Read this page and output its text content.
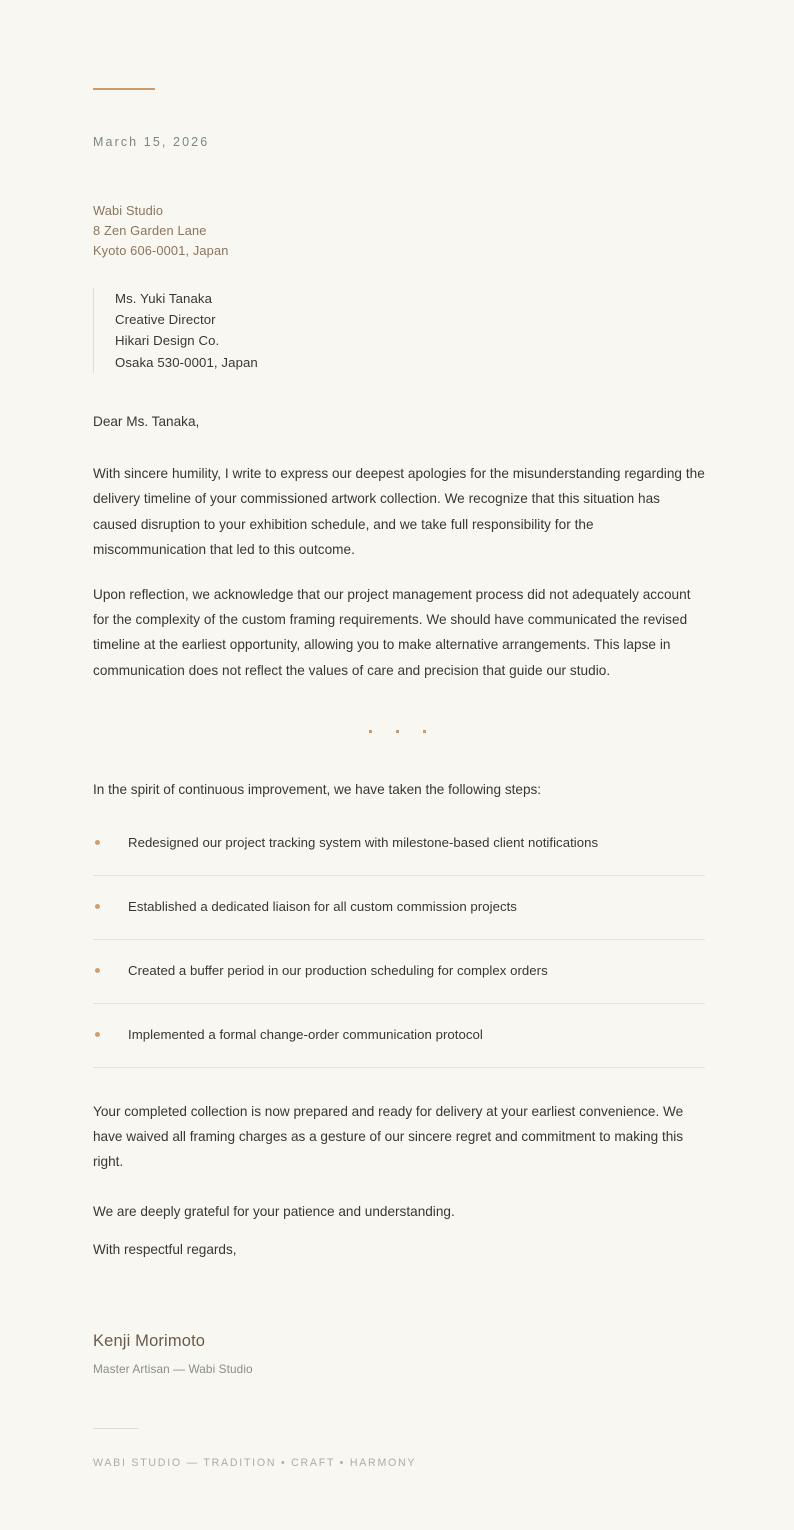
March 15, 2026
Wabi Studio
8 Zen Garden Lane
Kyoto 606-0001, Japan
Ms. Yuki Tanaka
Creative Director
Hikari Design Co.
Osaka 530-0001, Japan
Dear Ms. Tanaka,

With sincere humility, I write to express our deepest apologies for the misunderstanding regarding the delivery timeline of your commissioned artwork collection. We recognize that this situation has caused disruption to your exhibition schedule, and we take full responsibility for the miscommunication that led to this outcome.

Upon reflection, we acknowledge that our project management process did not adequately account for the complexity of the custom framing requirements. We should have communicated the revised timeline at the earliest opportunity, allowing you to make alternative arrangements. This lapse in communication does not reflect the values of care and precision that guide our studio.

In the spirit of continuous improvement, we have taken the following steps:
Redesigned our project tracking system with milestone-based client notifications
Established a dedicated liaison for all custom commission projects
Created a buffer period in our production scheduling for complex orders
Implemented a formal change-order communication protocol

Your completed collection is now prepared and ready for delivery at your earliest convenience. We have waived all framing charges as a gesture of our sincere regret and commitment to making this right.

We are deeply grateful for your patience and understanding.
With respectful regards,
Kenji Morimoto
Master Artisan — Wabi Studio
WABI STUDIO — TRADITION • CRAFT • HARMONY
